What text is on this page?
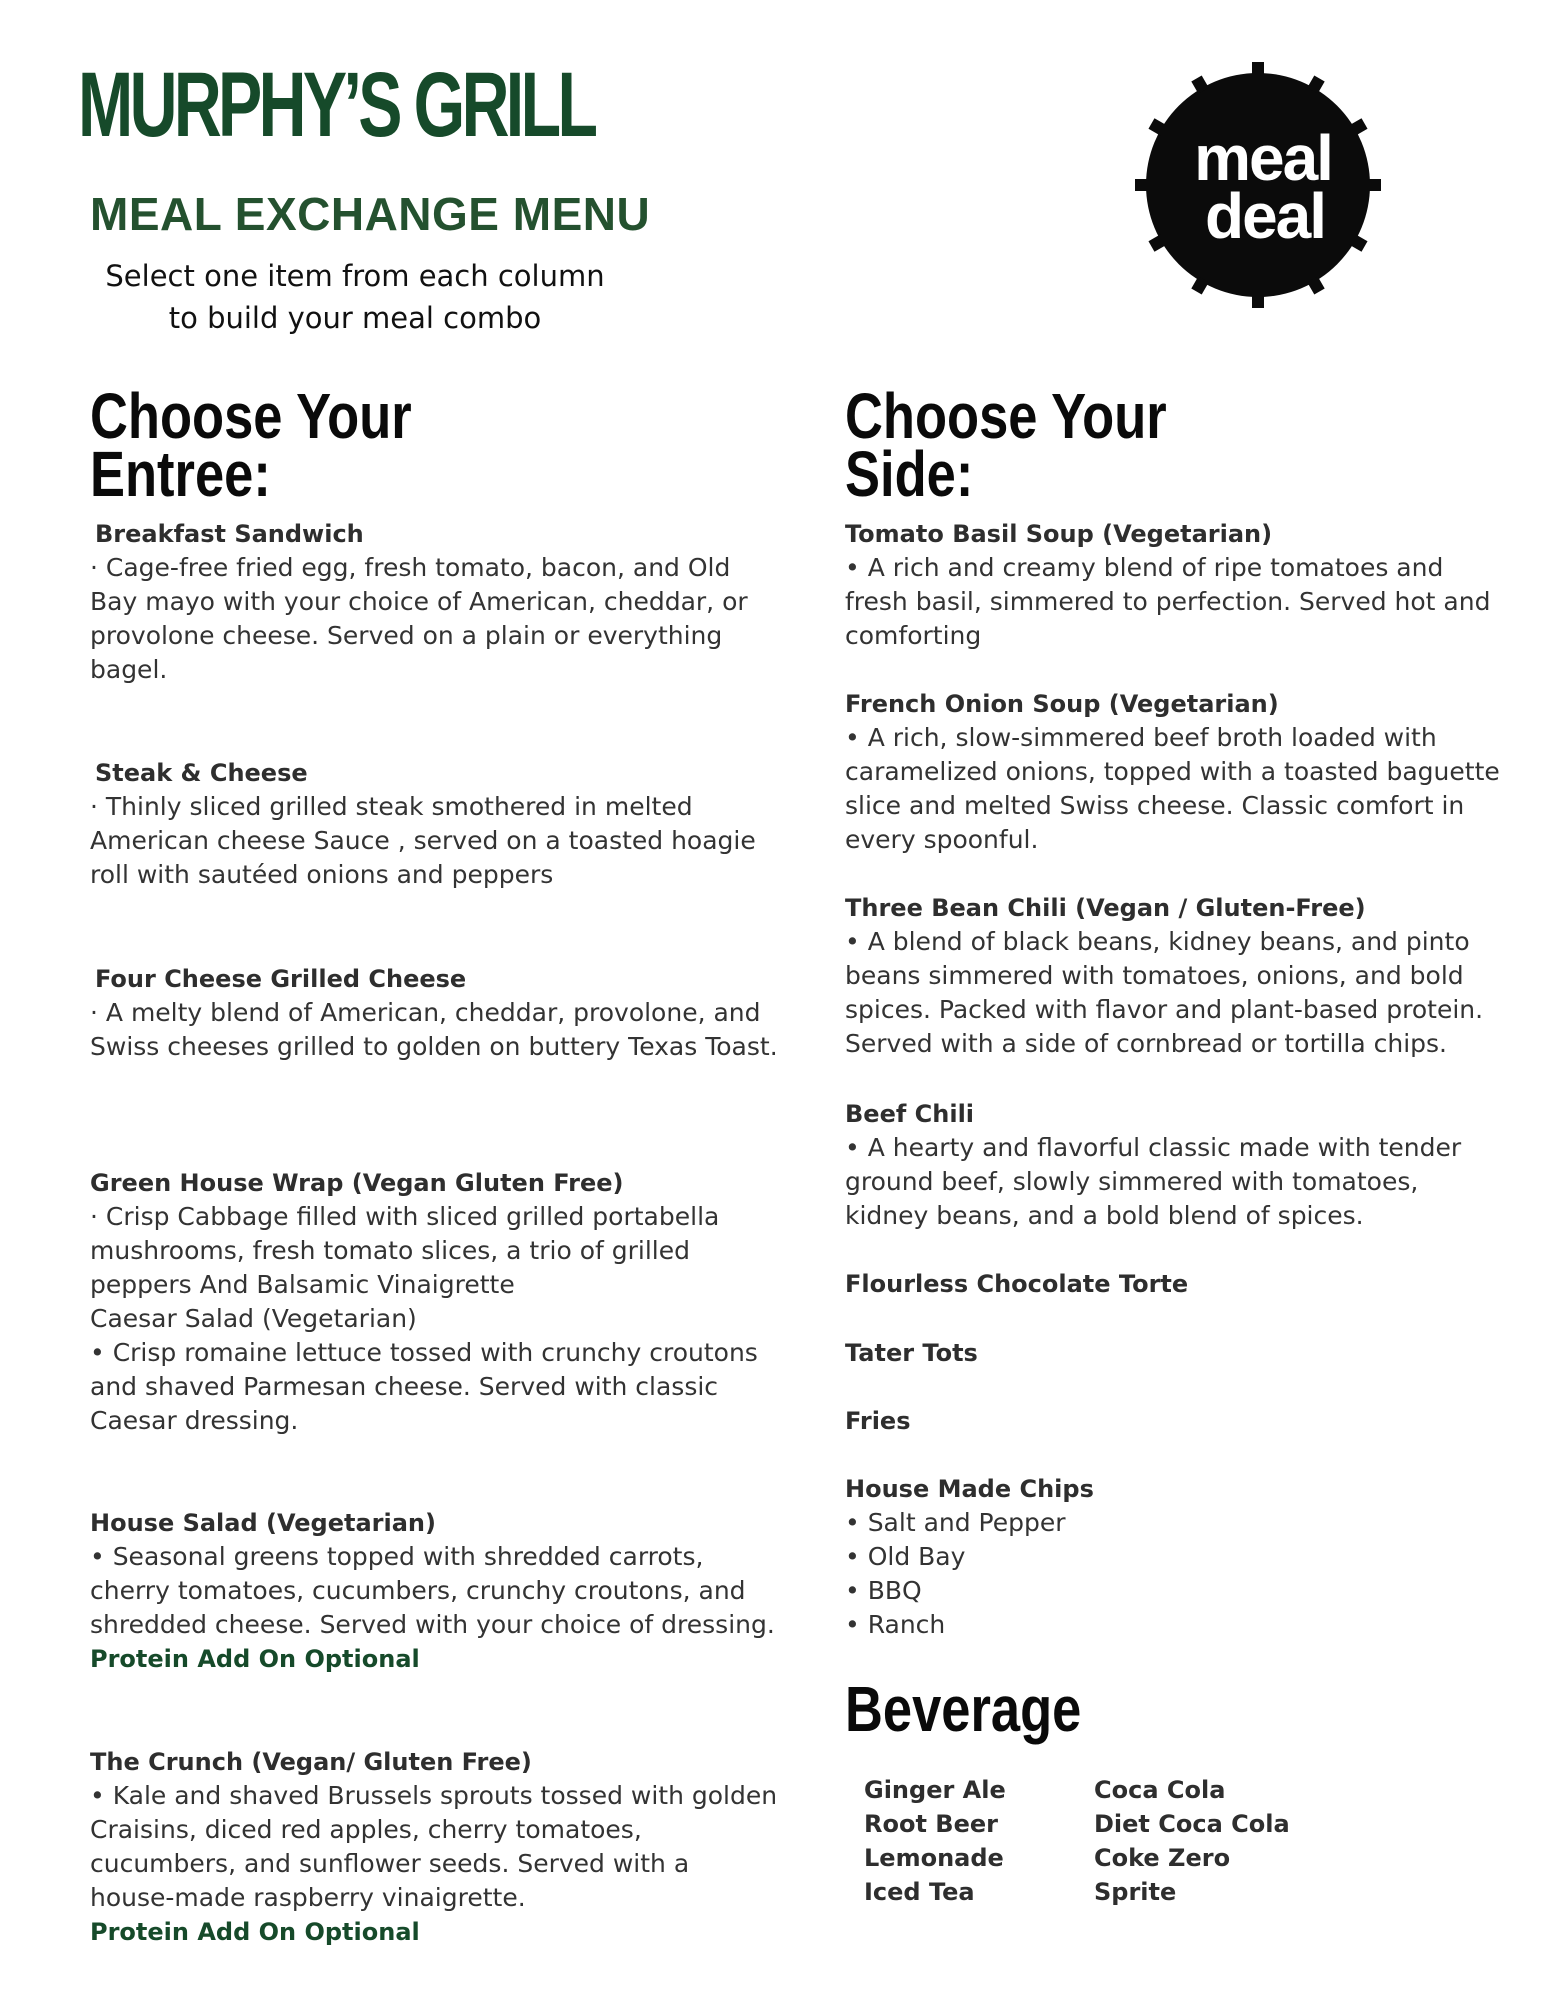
MURPHY’S GRILL
MEAL EXCHANGE MENU
Select one item from each column
to build your meal combo
meal
deal
Choose Your
Entree:
Breakfast Sandwich
· Cage-free fried egg, fresh tomato, bacon, and Old Bay mayo with your choice of American, cheddar, or provolone cheese. Served on a plain or everything bagel.
Steak & Cheese
· Thinly sliced grilled steak smothered in melted American cheese Sauce , served on a toasted hoagie roll with sautéed onions and peppers
Four Cheese Grilled Cheese
· A melty blend of American, cheddar, provolone, and Swiss cheeses grilled to golden on buttery Texas Toast.
Green House Wrap (Vegan Gluten Free)
· Crisp Cabbage filled with sliced grilled portabella mushrooms, fresh tomato slices, a trio of grilled peppers And Balsamic Vinaigrette
Caesar Salad (Vegetarian)
• Crisp romaine lettuce tossed with crunchy croutons and shaved Parmesan cheese. Served with classic Caesar dressing.
House Salad (Vegetarian)
• Seasonal greens topped with shredded carrots, cherry tomatoes, cucumbers, crunchy croutons, and shredded cheese. Served with your choice of dressing.
Protein Add On Optional
The Crunch (Vegan/ Gluten Free)
• Kale and shaved Brussels sprouts tossed with golden Craisins, diced red apples, cherry tomatoes, cucumbers, and sunflower seeds. Served with a house-made raspberry vinaigrette.
Protein Add On Optional
Choose Your
Side:
Tomato Basil Soup (Vegetarian)
• A rich and creamy blend of ripe tomatoes and fresh basil, simmered to perfection. Served hot and comforting
French Onion Soup (Vegetarian)
• A rich, slow-simmered beef broth loaded with caramelized onions, topped with a toasted baguette slice and melted Swiss cheese. Classic comfort in every spoonful.
Three Bean Chili (Vegan / Gluten-Free)
• A blend of black beans, kidney beans, and pinto beans simmered with tomatoes, onions, and bold spices. Packed with flavor and plant-based protein. Served with a side of cornbread or tortilla chips.
Beef Chili
• A hearty and flavorful classic made with tender ground beef, slowly simmered with tomatoes, kidney beans, and a bold blend of spices.
Flourless Chocolate Torte
Tater Tots
Fries
House Made Chips
• Salt and Pepper
• Old Bay
• BBQ
• Ranch
Beverage
Ginger Ale
Root Beer
Lemonade
Iced Tea
Coca Cola
Diet Coca Cola
Coke Zero
Sprite
